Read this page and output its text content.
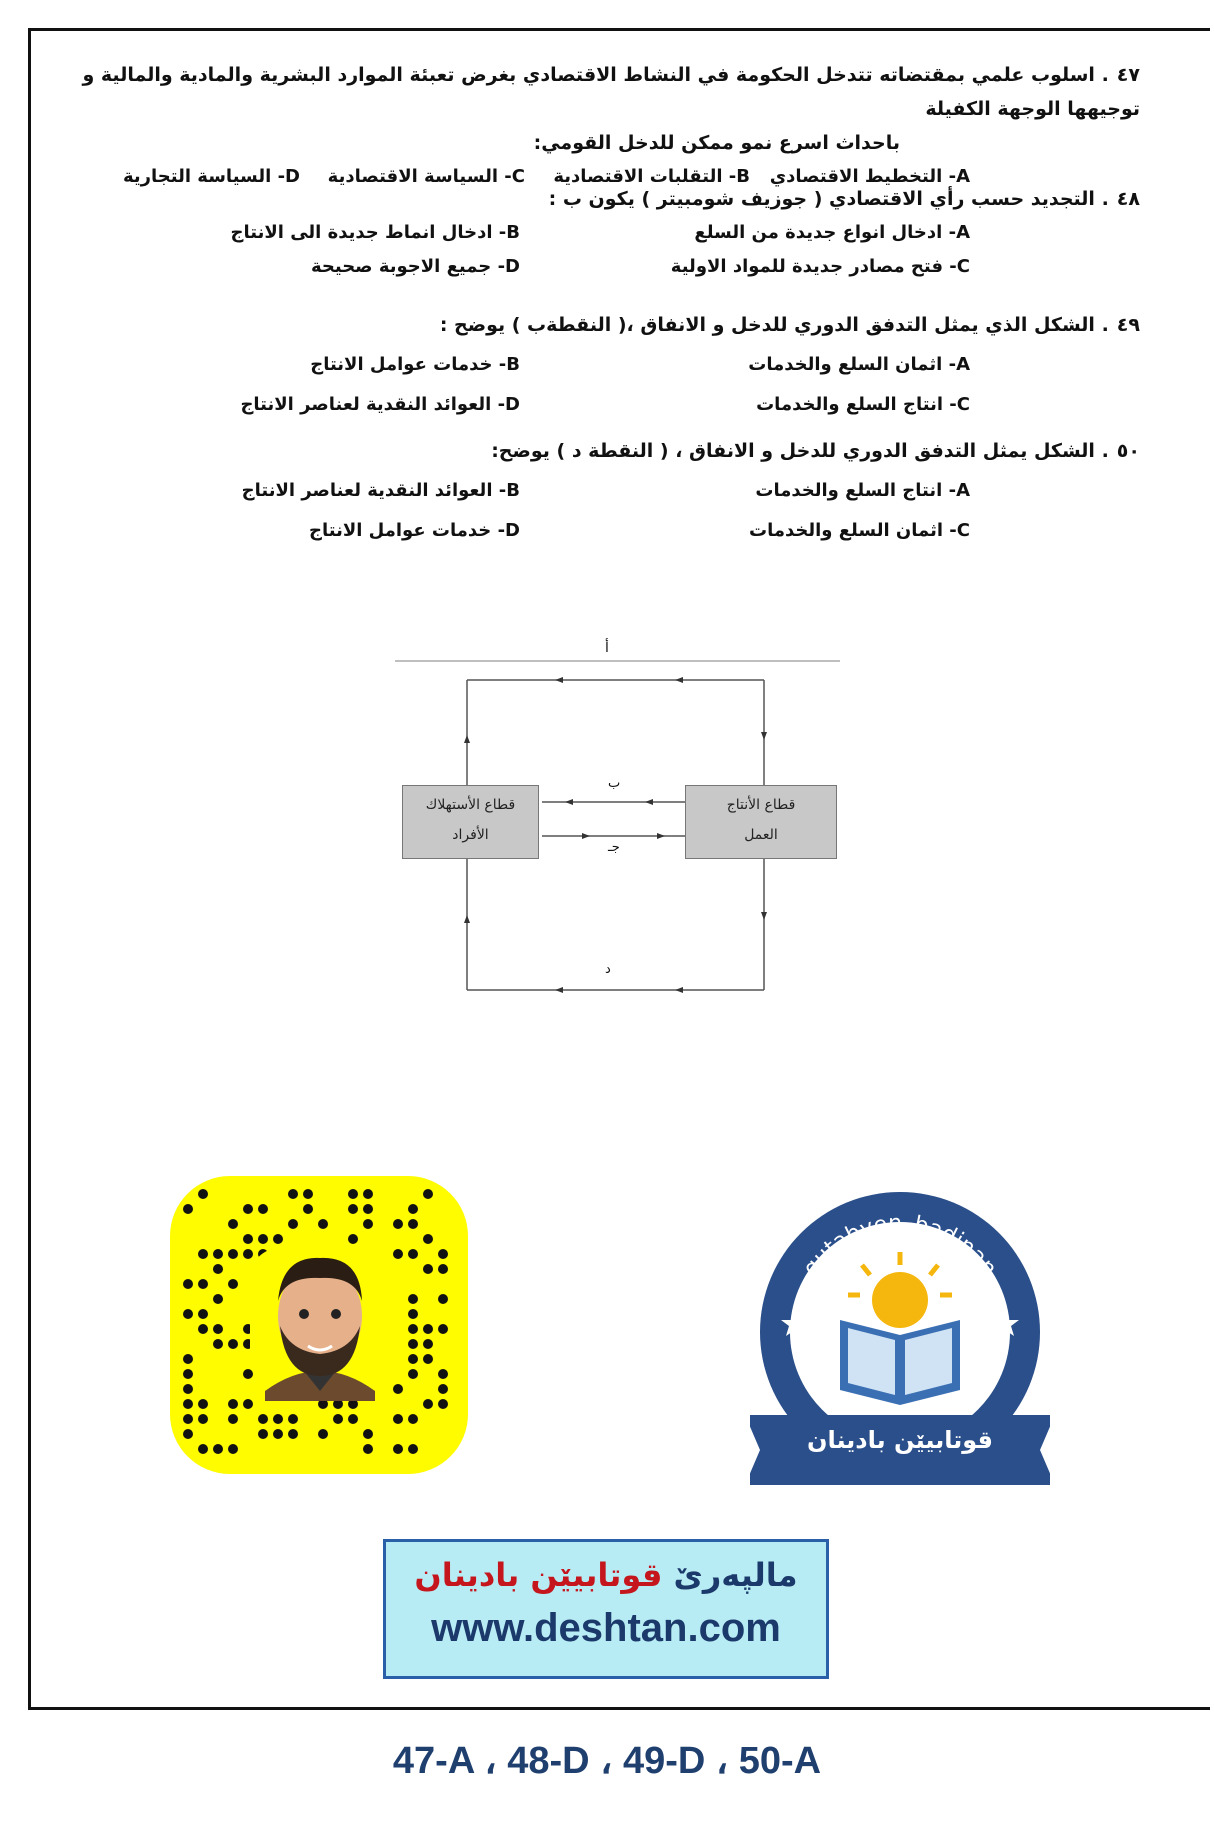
٤٧. اسلوب علمي بمقتضاته تتدخل الحكومة في النشاط الاقتصادي بغرض تعبئة الموارد البشرية والمادية والمالية و توجيهها الوجهة الكفيلة
باحداث اسرع نمو ممكن للدخل القومي:
A- التخطيط الاقتصادي
B- التقلبات الاقتصادية
C- السياسة الاقتصادية
D- السياسة التجارية
٤٨. التجديد حسب رأي الاقتصادي ( جوزيف شومبيتر ) يكون ب :
A- ادخال انواع جديدة من السلع
B- ادخال انماط جديدة الى الانتاج
C- فتح مصادر جديدة للمواد الاولية
D- جميع الاجوبة صحيحة
٤٩. الشكل الذي يمثل التدفق الدوري للدخل و الانفاق ،( النقطةب ) يوضح :
A- اثمان السلع والخدمات
B- خدمات عوامل الانتاج
C- انتاج السلع والخدمات
D- العوائد النقدية لعناصر الانتاج
٥٠. الشكل يمثل التدفق الدوري للدخل و الانفاق ، ( النقطة د ) يوضح:
A- انتاج السلع والخدمات
B- العوائد النقدية لعناصر الانتاج
C- اثمان السلع والخدمات
D- خدمات عوامل الانتاج
أ
ب
جـ
د
قطاع الأستهلاك
الأفراد
قطاع الأنتاج
العمل
qutabyen_badinan
قوتابيێن بادينان
مالپەرێ قوتابيێن بادينان
www.deshtan.com
47-A ، 48-D ، 49-D ، 50-A
